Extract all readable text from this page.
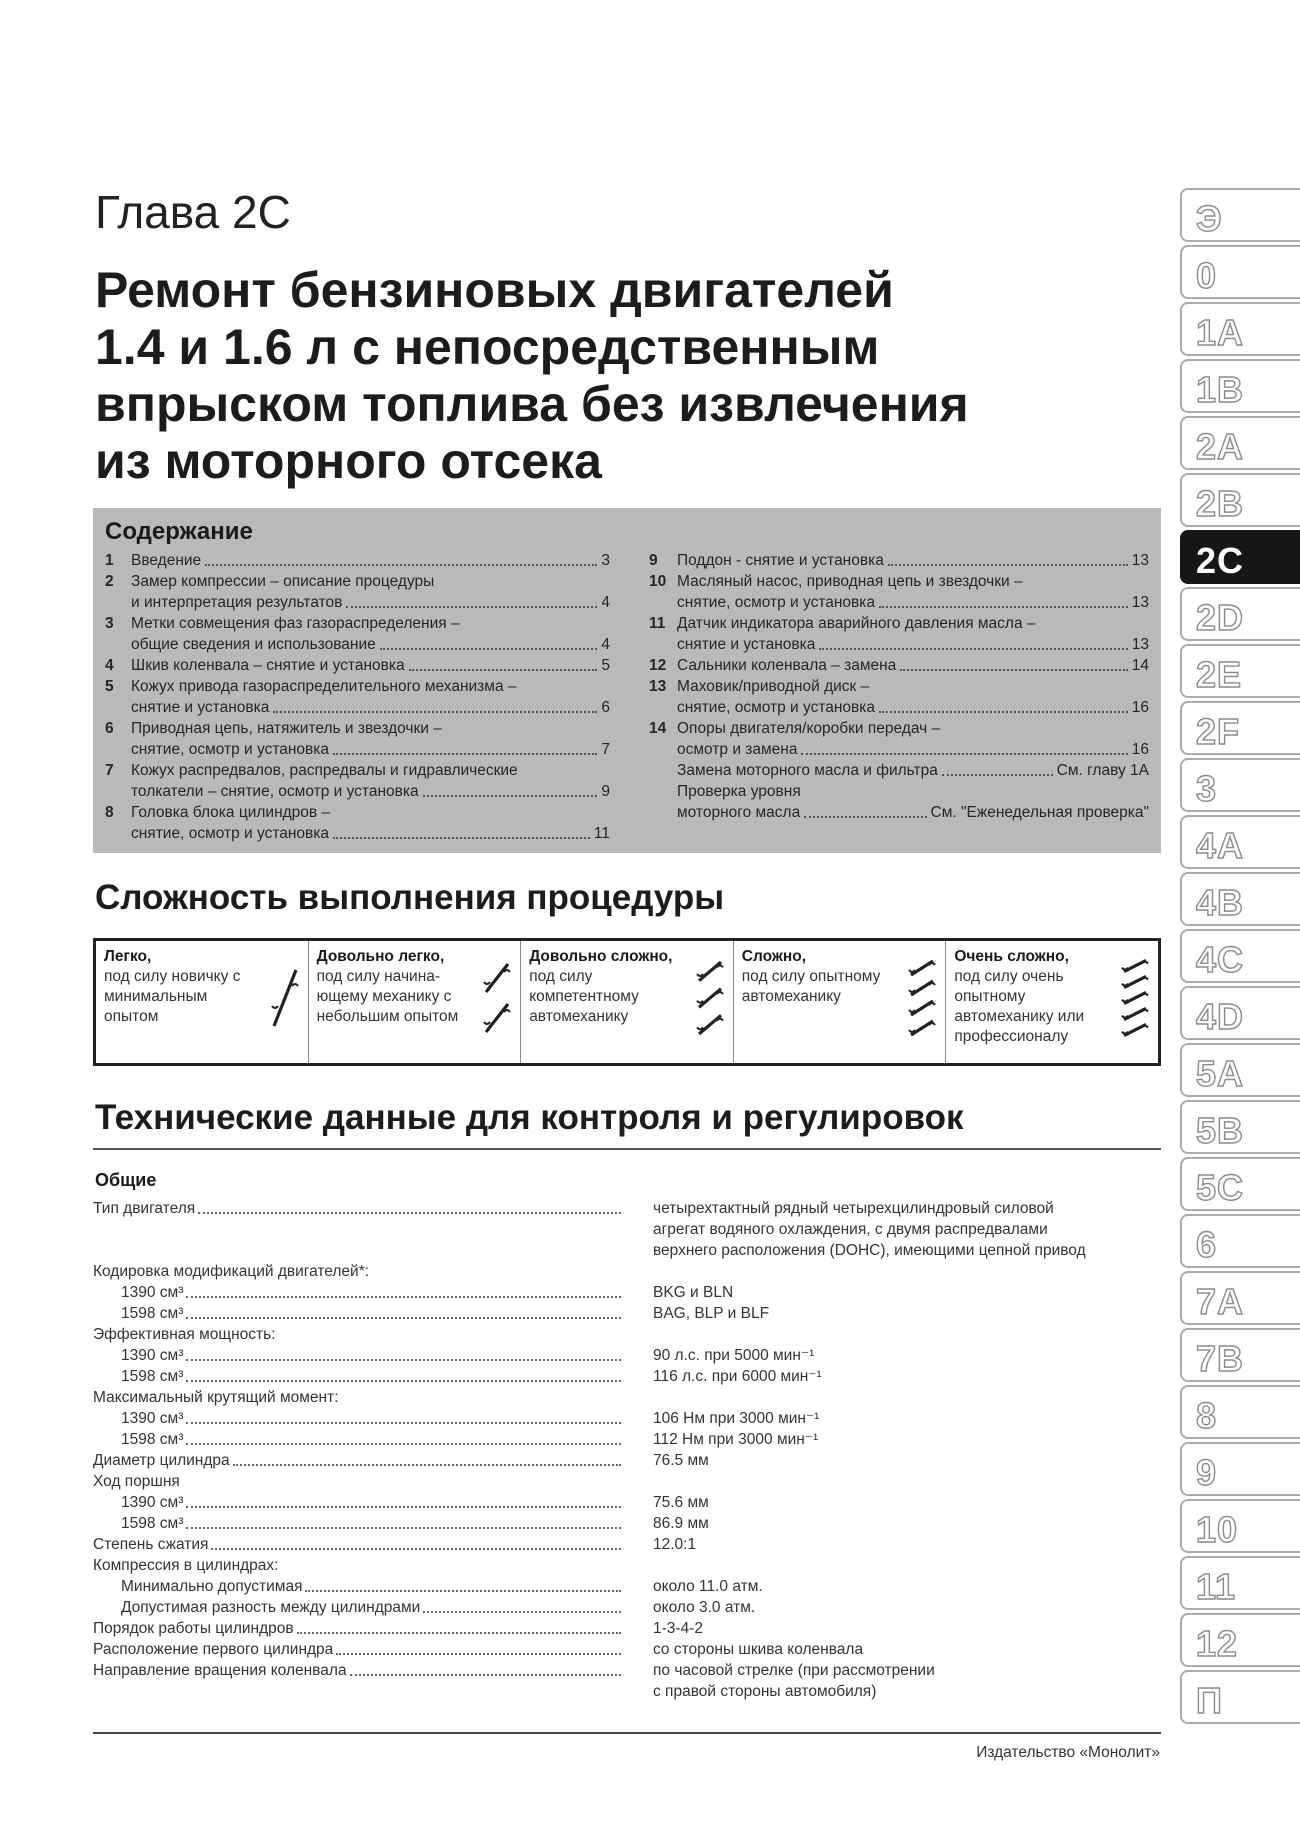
Глава 2С
Ремонт бензиновых двигателей
1.4 и 1.6 л с непосредственным
впрыском топлива без извлечения
из моторного отсека
Содержание
1	Введение	3
2	Замер компрессии – описание процедуры
и интерпретация результатов	4
3	Метки совмещения фаз газораспределения –
общие сведения и использование	4
4	Шкив коленвала – снятие и установка	5
5	Кожух привода газораспределительного механизма –
снятие и установка	6
6	Приводная цепь, натяжитель и звездочки –
снятие, осмотр и установка	7
7	Кожух распредвалов, распредвалы и гидравлические
толкатели – снятие, осмотр и установка	9
8	Головка блока цилиндров –
снятие, осмотр и установка	11
9	Поддон - снятие и установка	13
10 Масляный насос, приводная цепь и звездочки –
снятие, осмотр и установка	13
11 Датчик индикатора аварийного давления масла –
снятие и установка	13
12 Сальники коленвала – замена	14
13 Маховик/приводной диск –
снятие, осмотр и установка	16
14 Опоры двигателя/коробки передач –
осмотр и замена	16
Замена моторного масла и фильтра	См. главу 1А
Проверка уровня
моторного масла	См. "Еженедельная проверка"
Сложность выполнения процедуры
Легко,
под силу новичку с минимальным опытом
Довольно легко,
под силу начина-ющему механику с небольшим опытом
Довольно сложно,
под силу компетентному автомеханику
Сложно,
под силу опытному автомеханику
Очень сложно,
под силу очень опытному автомеханику или профессионалу
Технические данные для контроля и регулировок
Общие
Тип двигателя	четырехтактный рядный четырехцилиндровый силовой
агрегат водяного охлаждения, с двумя распредвалами
верхнего расположения (DOHC), имеющими цепной привод
Кодировка модификаций двигателей*:
1390 см³	BKG и BLN
1598 см³	BAG, BLP и BLF
Эффективная мощность:
1390 см³	90 л.с. при 5000 мин⁻¹
1598 см³	116 л.с. при 6000 мин⁻¹
Максимальный крутящий момент:
1390 см³	106 Нм при 3000 мин⁻¹
1598 см³	112 Нм при 3000 мин⁻¹
Диаметр цилиндра	76.5 мм
Ход поршня
1390 см³	75.6 мм
1598 см³	86.9 мм
Степень сжатия	12.0:1
Компрессия в цилиндрах:
Минимально допустимая	около 11.0 атм.
Допустимая разность между цилиндрами	около 3.0 атм.
Порядок работы цилиндров	1-3-4-2
Расположение первого цилиндра	со стороны шкива коленвала
Направление вращения коленвала	по часовой стрелке (при рассмотрении
с правой стороны автомобиля)
Издательство «Монолит»
Э
0
1A
1B
2A
2B
2C
2D
2E
2F
3
4A
4B
4C
4D
5A
5B
5C
6
7A
7B
8
9
10
11
12
П
